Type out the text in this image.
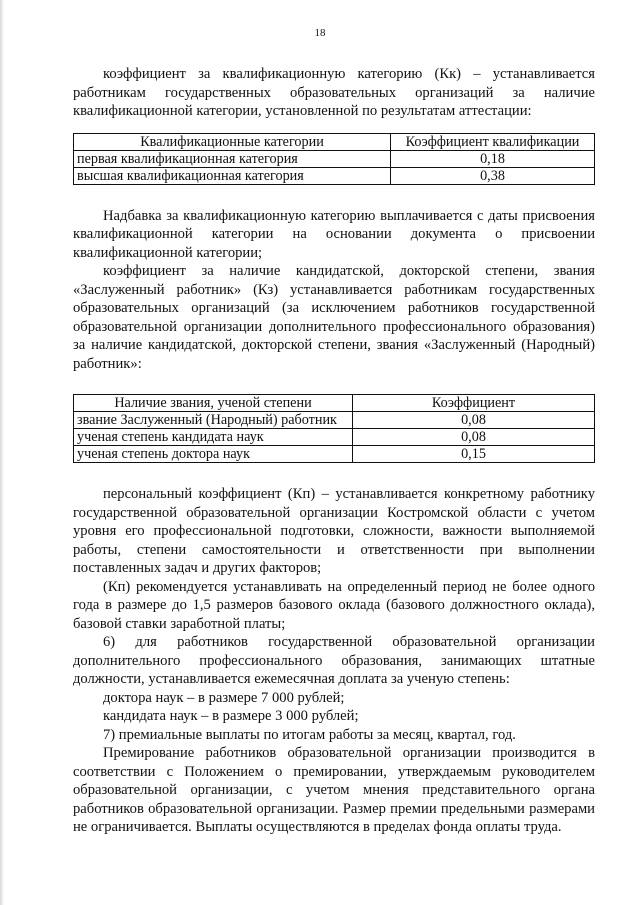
18

коэффициент за квалификационную категорию (Кк) – устанавливается работникам государственных образовательных организаций за наличие квалификационной категории, установленной по результатам аттестации:

Квалификационные категории	Коэффициент квалификации
первая квалификационная категория	0,18
высшая квалификационная категория	0,38

Надбавка за квалификационную категорию выплачивается с даты присвоения квалификационной категории на основании документа о присвоении квалификационной категории;

коэффициент за наличие кандидатской, докторской степени, звания «Заслуженный работник» (Кз) устанавливается работникам государственных образовательных организаций (за исключением работников государственной образовательной организации дополнительного профессионального образования) за наличие кандидатской, докторской степени, звания «Заслуженный (Народный) работник»:

Наличие звания, ученой степени	Коэффициент
звание Заслуженный (Народный) работник	0,08
ученая степень кандидата наук	0,08
ученая степень доктора наук	0,15

персональный коэффициент (Кп) – устанавливается конкретному работнику государственной образовательной организации Костромской области с учетом уровня его профессиональной подготовки, сложности, важности выполняемой работы, степени самостоятельности и ответственности при выполнении поставленных задач и других факторов;

(Кп) рекомендуется устанавливать на определенный период не более одного года в размере до 1,5 размеров базового оклада (базового должностного оклада), базовой ставки заработной платы;

6) для работников государственной образовательной организации дополнительного профессионального образования, занимающих штатные должности, устанавливается ежемесячная доплата за ученую степень:

доктора наук – в размере 7 000 рублей;

кандидата наук – в размере 3 000 рублей;

7) премиальные выплаты по итогам работы за месяц, квартал, год.

Премирование работников образовательной организации производится в соответствии с Положением о премировании, утверждаемым руководителем образовательной организации, с учетом мнения представительного органа работников образовательной организации. Размер премии предельными размерами не ограничивается. Выплаты осуществляются в пределах фонда оплаты труда.
